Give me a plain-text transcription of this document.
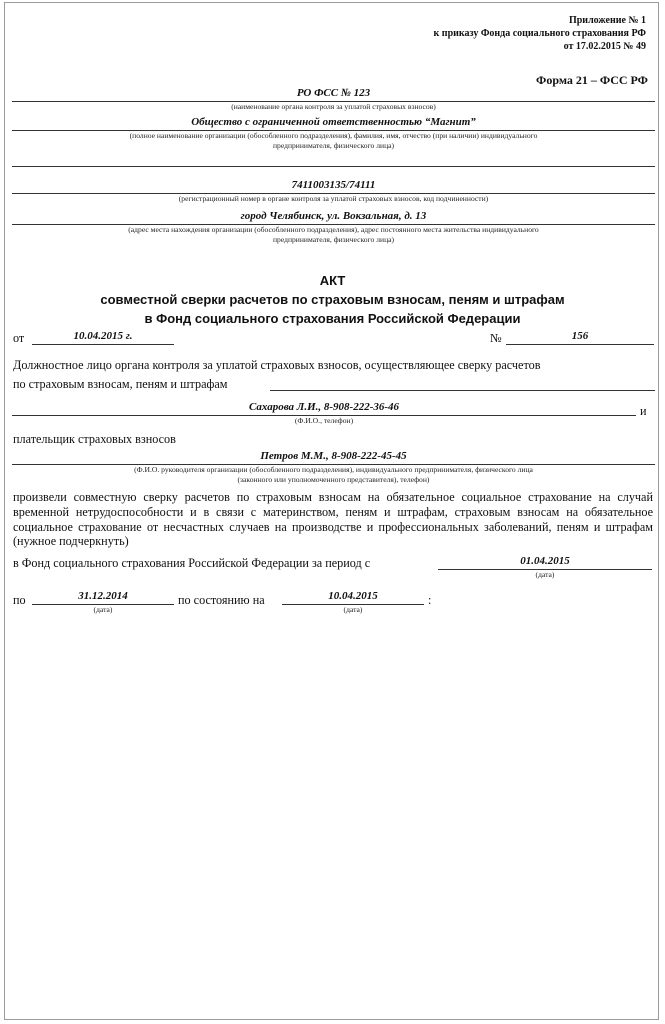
Приложение № 1
к приказу Фонда социального страхования РФ
от 17.02.2015 № 49
Форма 21 – ФСС РФ
РО ФСС № 123
(наименование органа контроля за уплатой страховых взносов)
Общество с ограниченной ответственностью “Магнит”
(полное наименование организации (обособленного подразделения), фамилия, имя, отчество (при наличии) индивидуального
предпринимателя, физического лица)
7411003135/74111
(регистрационный номер в органе контроля за уплатой страховых взносов, код подчиненности)
город Челябинск, ул. Вокзальная, д. 13
(адрес места нахождения организации (обособленного подразделения), адрес постоянного места жительства индивидуального
предпринимателя, физического лица)
АКТ
совместной сверки расчетов по страховым взносам, пеням и штрафам
в Фонд социального страхования Российской Федерации
от	10.04.2015 г.	№	156
Должностное лицо органа контроля за уплатой страховых взносов, осуществляющее сверку расчетов
по страховым взносам, пеням и штрафам
Сахарова Л.И., 8-908-222-36-46	и
(Ф.И.О., телефон)
плательщик страховых взносов
Петров М.М., 8-908-222-45-45
(Ф.И.О. руководителя организации (обособленного подразделения), индивидуального предпринимателя, физического лица
(законного или уполномоченного представителя), телефон)
произвели совместную сверку расчетов по страховым взносам на обязательное социальное страхование на случай временной нетрудоспособности и в связи с материнством, пеням и штрафам, страховым взносам на обязательное социальное страхование от несчастных случаев на производстве и профессиональных заболеваний, пеням и штрафам (нужное подчеркнуть)
в Фонд социального страхования Российской Федерации за период с	01.04.2015
(дата)
по	31.12.2014
(дата)
по состоянию на	10.04.2015
(дата)
:
